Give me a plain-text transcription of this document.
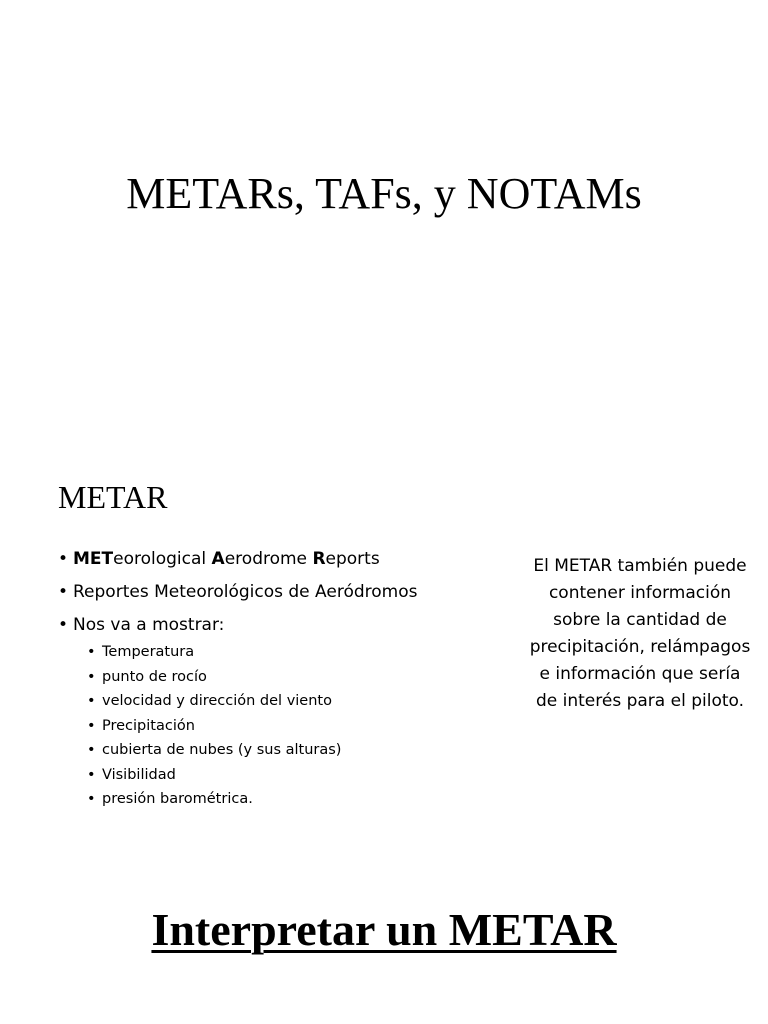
METARs, TAFs, y NOTAMs
METAR
• METeorological Aerodrome Reports
• Reportes Meteorológicos de Aeródromos
• Nos va a mostrar:
• Temperatura
• punto de rocío
• velocidad y dirección del viento
• Precipitación
• cubierta de nubes (y sus alturas)
• Visibilidad
• presión barométrica.

El METAR también puede contener información sobre la cantidad de precipitación, relámpagos e información que sería de interés para el piloto.

Interpretar un METAR
